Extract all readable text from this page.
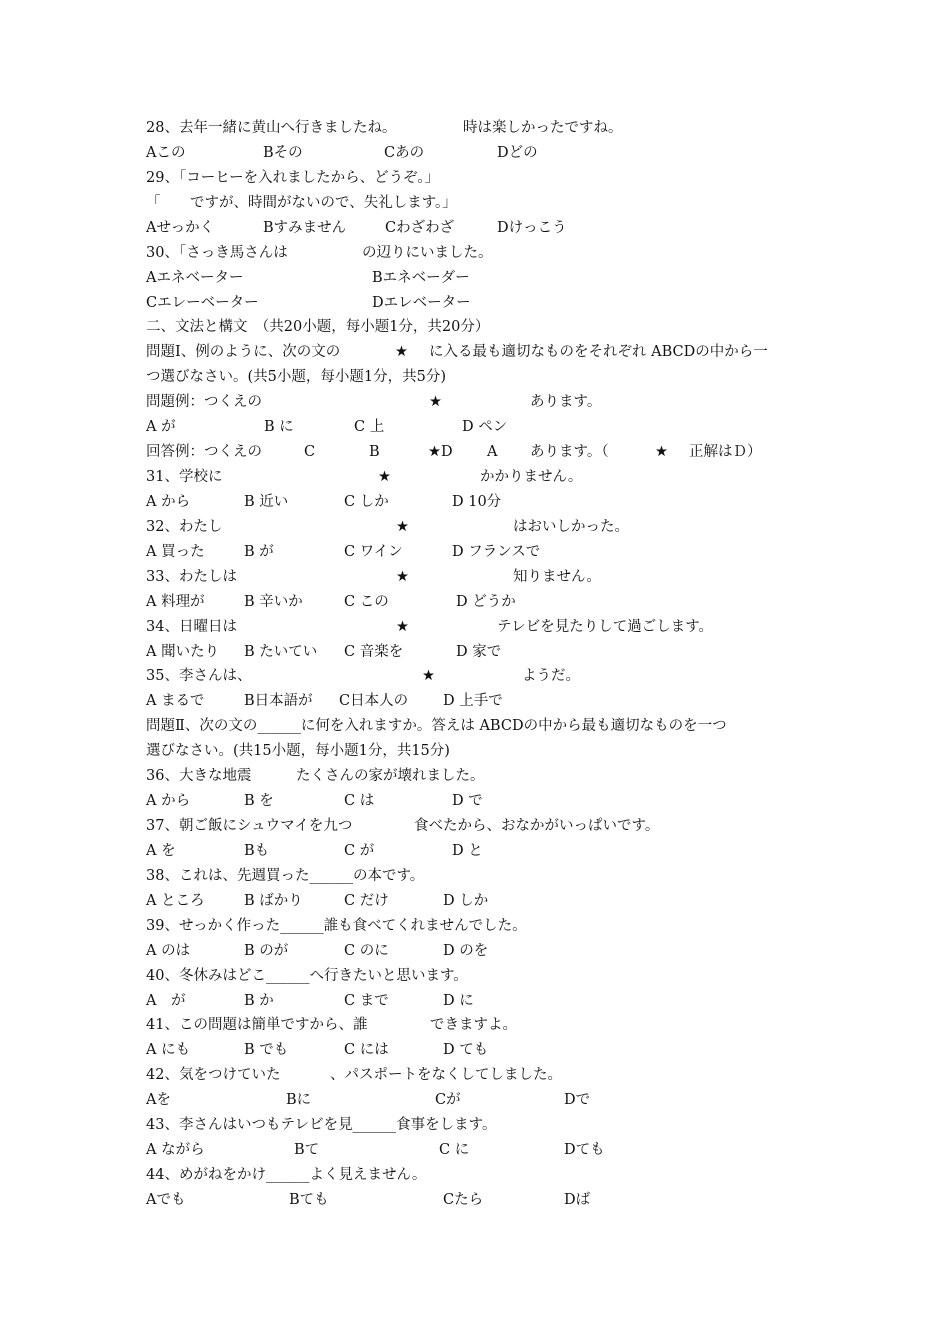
28、去年一緒に黄山へ行きましたね。	時は楽しかったですね。
Aこの	Bその	Cあの	Dどの
29、「コーヒーを入れましたから、どうぞ。」
「 ですが、時間がないので、失礼します。」
Aせっかく	Bすみません	Cわざわざ	Dけっこう
30、「さっき馬さんは	の辺りにいました。
Aエネベーター	Bエネベーダー
Cエレーベーター	Dエレベーター
二、文法と構文　（共20小题，每小题1分，共20分）
問題Ⅰ、例のように、次の文の	★ に入る最も適切なものをそれぞれ ABCDの中から一
つ選びなさい。(共5小题，每小题1分，共5分)
問題例：つくえの	★	あります。
A が	B に	C 上	D ペン
回答例：つくえの	C	B	★D A あります。（	★ 正解はＤ）
31、学校に	★	かかりません。
A から	B 近い	C しか	D 10分
32、わたし	★	はおいしかった。
A 買った	B が	C ワイン	D フランスで
33、わたしは	★	知りません。
A 料理が	B 辛いか	C この	D どうか
34、日曜日は	★	テレビを見たりして過ごします。
A 聞いたり B たいてい C 音楽を	D 家で
35、李さんは、	★	ようだ。
A まるで	B日本語が C日本人の D 上手で
問題Ⅱ、次の文の______に何を入れますか。答えは ABCDの中から最も適切なものを一つ
選びなさい。(共15小题，每小题1分，共15分)
36、大きな地震	たくさんの家が壊れました。
A から	B を	C は	D で
37、朝ご飯にシュウマイを九つ	食べたから、おなかがいっぱいです。
A を	Bも	C が	D と
38、これは、先週買った______の本です。
A ところ	B ばかり	C だけ	D しか
39、せっかく作った______誰も食べてくれませんでした。
A のは	B のが	C のに	D のを
40、冬休みはどこ______へ行きたいと思います。
A　が	B か	C まで	D に
41、この問題は簡単ですから、誰	できますよ。
A にも	B でも	C には	D ても
42、気をつけていた	、パスポートをなくしてしました。
Aを	Bに	Cが	Dで
43、李さんはいつもテレビを見______食事をします。
A ながら	Bて	C に	Dても
44、めがねをかけ______よく見えません。
Aでも	Bても	Cたら	Dば
